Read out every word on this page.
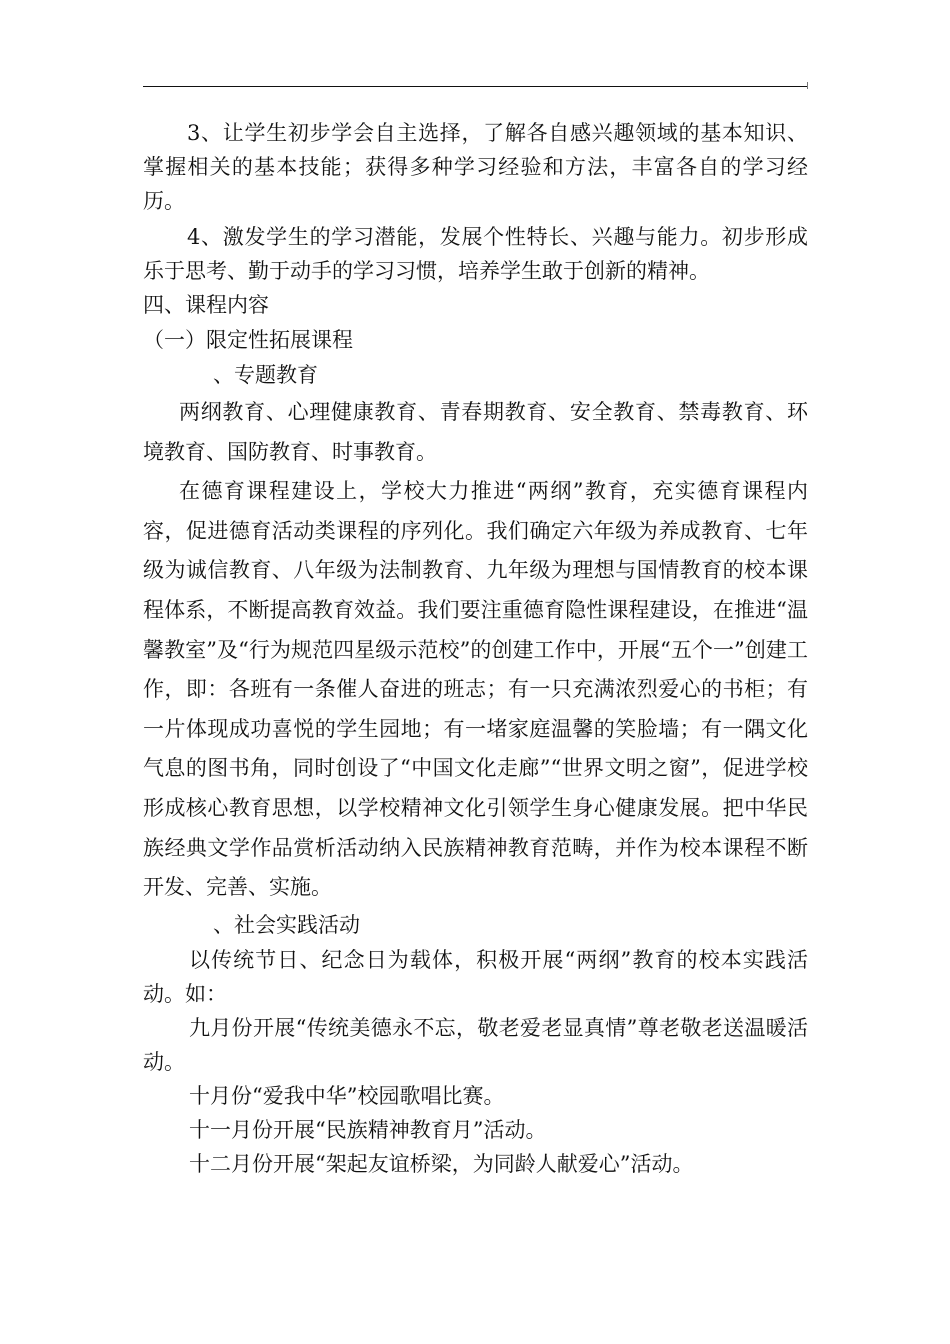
3、让学生初步学会自主选择，了解各自感兴趣领域的基本知识、掌握相关的基本技能；获得多种学习经验和方法，丰富各自的学习经历。

4、激发学生的学习潜能，发展个性特长、兴趣与能力。初步形成乐于思考、勤于动手的学习习惯，培养学生敢于创新的精神。

四、课程内容

（一）限定性拓展课程

、专题教育

两纲教育、心理健康教育、青春期教育、安全教育、禁毒教育、环境教育、国防教育、时事教育。

在德育课程建设上，学校大力推进“两纲”教育，充实德育课程内容，促进德育活动类课程的序列化。我们确定六年级为养成教育、七年级为诚信教育、八年级为法制教育、九年级为理想与国情教育的校本课程体系，不断提高教育效益。我们要注重德育隐性课程建设，在推进“温馨教室”及“行为规范四星级示范校”的创建工作中，开展“五个一”创建工作，即：各班有一条催人奋进的班志；有一只充满浓烈爱心的书柜；有一片体现成功喜悦的学生园地；有一堵家庭温馨的笑脸墙；有一隅文化气息的图书角，同时创设了“中国文化走廊”“世界文明之窗”，促进学校形成核心教育思想，以学校精神文化引领学生身心健康发展。把中华民族经典文学作品赏析活动纳入民族精神教育范畴，并作为校本课程不断开发、完善、实施。

、社会实践活动

以传统节日、纪念日为载体，积极开展“两纲”教育的校本实践活动。如：

九月份开展“传统美德永不忘，敬老爱老显真情”尊老敬老送温暖活动。

十月份“爱我中华”校园歌唱比赛。

十一月份开展“民族精神教育月”活动。

十二月份开展“架起友谊桥梁，为同龄人献爱心”活动。
